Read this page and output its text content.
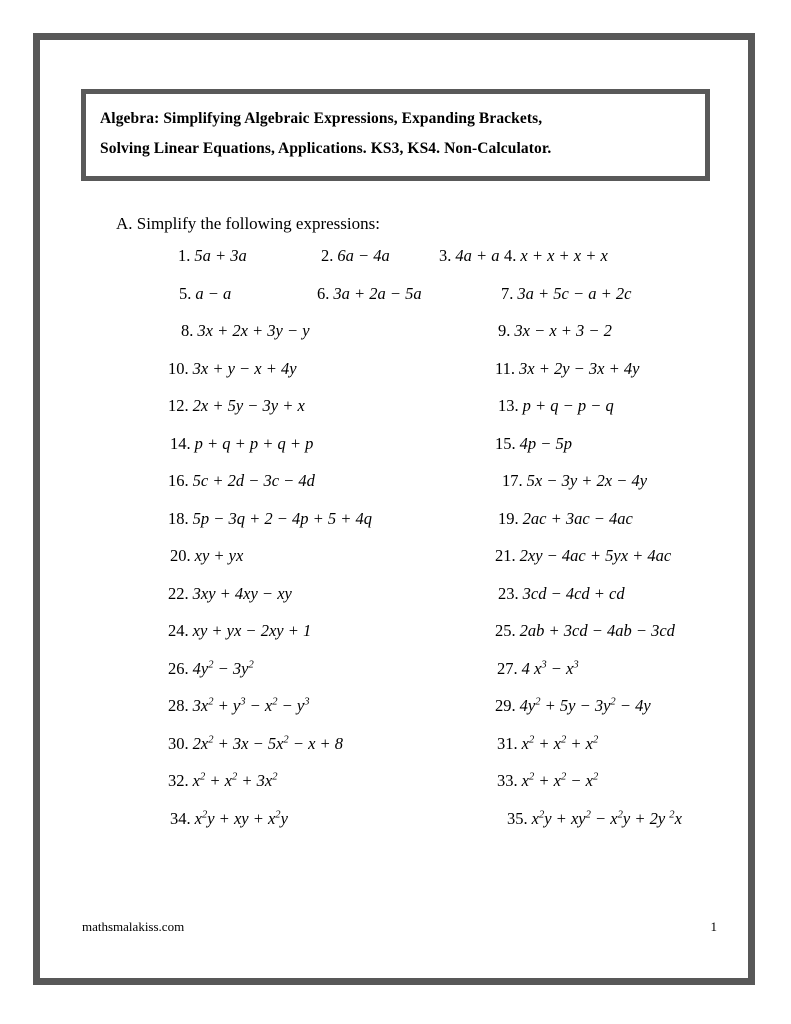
Algebra: Simplifying Algebraic Expressions, Expanding Brackets,
Solving Linear Equations, Applications. KS3, KS4. Non-Calculator.
A. Simplify the following expressions:
1. 5a + 3a	2. 6a − 4a	3. 4a + a 4. x + x + x + x
5. a − a	6. 3a + 2a − 5a	7. 3a + 5c − a + 2c
8. 3x + 2x + 3y − y	9. 3x − x + 3 − 2
10. 3x + y − x + 4y	11. 3x + 2y − 3x + 4y
12. 2x + 5y − 3y + x	13. p + q − p − q
14. p + q + p + q + p	15. 4p − 5p
16. 5c + 2d − 3c − 4d	17. 5x − 3y + 2x − 4y
18. 5p − 3q + 2 − 4p + 5 + 4q	19. 2ac + 3ac − 4ac
20. xy + yx	21. 2xy − 4ac + 5yx + 4ac
22. 3xy + 4xy − xy	23. 3cd − 4cd + cd
24. xy + yx − 2xy + 1	25. 2ab + 3cd − 4ab − 3cd
26. $4y^2 - 3y^2$	27. 4 $x^3 - x^3$
28. $3x^2 + y^3 - x^2 - y^3$	29. $4y^2 + 5y - 3y^2 - 4y$
30. $2x^2 + 3x - 5x^2 - x + 8$	31. $x^2 + x^2 + x^2$
32. $x^2 + x^2 + 3x^2$	33. $x^2 + x^2 - x^2$
34. $x^2y$ + xy + $x^2y$	35. $x^2y + xy^2 - x^2y + 2y$ $^2$x
mathsmalakiss.com	1
